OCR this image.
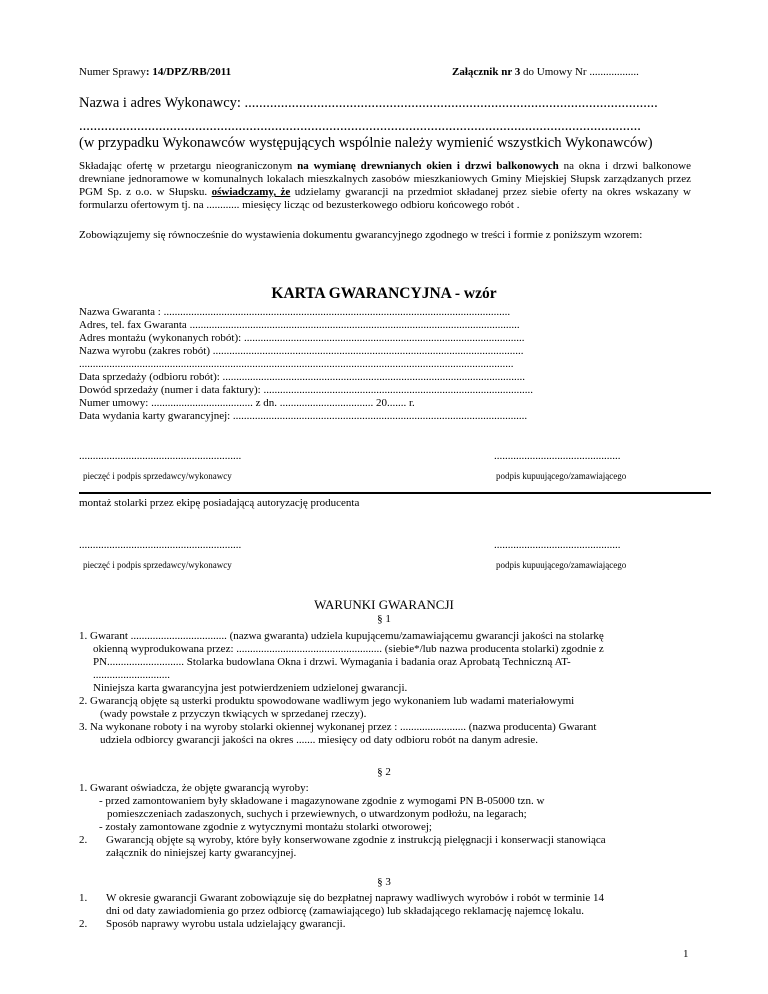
Numer Sprawy: 14/DPZ/RB/2011	Załącznik nr 3 do Umowy Nr ..................
Nazwa i adres Wykonawcy: ..................................................................................................................
...........................................................................................................................................................
(w przypadku Wykonawców występujących wspólnie należy wymienić wszystkich Wykonawców)
Składając ofertę w przetargu nieograniczonym na wymianę drewnianych okien i drzwi balkonowych na okna i drzwi balkonowe drewniane jednoramowe w komunalnych lokalach mieszkalnych zasobów mieszkaniowych Gminy Miejskiej Słupsk zarządzanych przez PGM Sp. z o.o. w Słupsku. oświadczamy, że udzielamy gwarancji na przedmiot składanej przez siebie oferty na okres wskazany w formularzu ofertowym tj. na ............ miesięcy licząc od bezusterkowego odbioru końcowego robót .
Zobowiązujemy się równocześnie do wystawienia dokumentu gwarancyjnego zgodnego w treści i formie z poniższym wzorem:
KARTA GWARANCYJNA - wzór
Nazwa Gwaranta : ..............................................................................................................................
Adres, tel. fax Gwaranta ........................................................................................................................
Adres montażu (wykonanych robót): ......................................................................................................
Nazwa wyrobu (zakres robót) .................................................................................................................
..............................................................................................................................................................
Data sprzedaży (odbioru robót): ..............................................................................................................
Dowód sprzedaży (numer i data faktury): ..................................................................................................
Numer umowy: ..................................... z dn. .................................. 20....... r.
Data wydania karty gwarancyjnej: ...........................................................................................................
...........................................................	..............................................
pieczęć i podpis sprzedawcy/wykonawcy	podpis kupuującego/zamawiającego
montaż stolarki przez ekipę posiadającą autoryzację producenta
...........................................................	..............................................
pieczęć i podpis sprzedawcy/wykonawcy	podpis kupuującego/zamawiającego
WARUNKI GWARANCJI
§ 1
1. Gwarant ................................... (nazwa gwaranta) udziela kupującemu/zamawiającemu gwarancji jakości na stolarkę
okienną wyprodukowana przez: ..................................................... (siebie*/lub nazwa producenta stolarki) zgodnie z
PN............................ Stolarka budowlana Okna i drzwi. Wymagania i badania oraz Aprobatą Techniczną AT-
............................
Niniejsza karta gwarancyjna jest potwierdzeniem udzielonej gwarancji.
2. Gwarancją objęte są usterki produktu spowodowane wadliwym jego wykonaniem lub wadami materiałowymi
(wady powstałe z przyczyn tkwiących w sprzedanej rzeczy).
3. Na wykonane roboty i na wyroby stolarki okiennej wykonanej przez : ........................ (nazwa producenta) Gwarant
udziela odbiorcy gwarancji jakości na okres ....... miesięcy od daty odbioru robót na danym adresie.
§ 2
1. Gwarant oświadcza, że objęte gwarancją wyroby:
- przed zamontowaniem były składowane i magazynowane zgodnie z wymogami PN B-05000 tzn. w
pomieszczeniach zadaszonych, suchych i przewiewnych, o utwardzonym podłożu, na legarach;
- zostały zamontowane zgodnie z wytycznymi montażu stolarki otworowej;
2. Gwarancją objęte są wyroby, które były konserwowane zgodnie z instrukcją pielęgnacji i konserwacji stanowiąca
załącznik do niniejszej karty gwarancyjnej.
§ 3
1. W okresie gwarancji Gwarant zobowiązuje się do bezpłatnej naprawy wadliwych wyrobów i robót w terminie 14
dni od daty zawiadomienia go przez odbiorcę (zamawiającego) lub składającego reklamację najemcę lokalu.
2. Sposób naprawy wyrobu ustala udzielający gwarancji.
1
